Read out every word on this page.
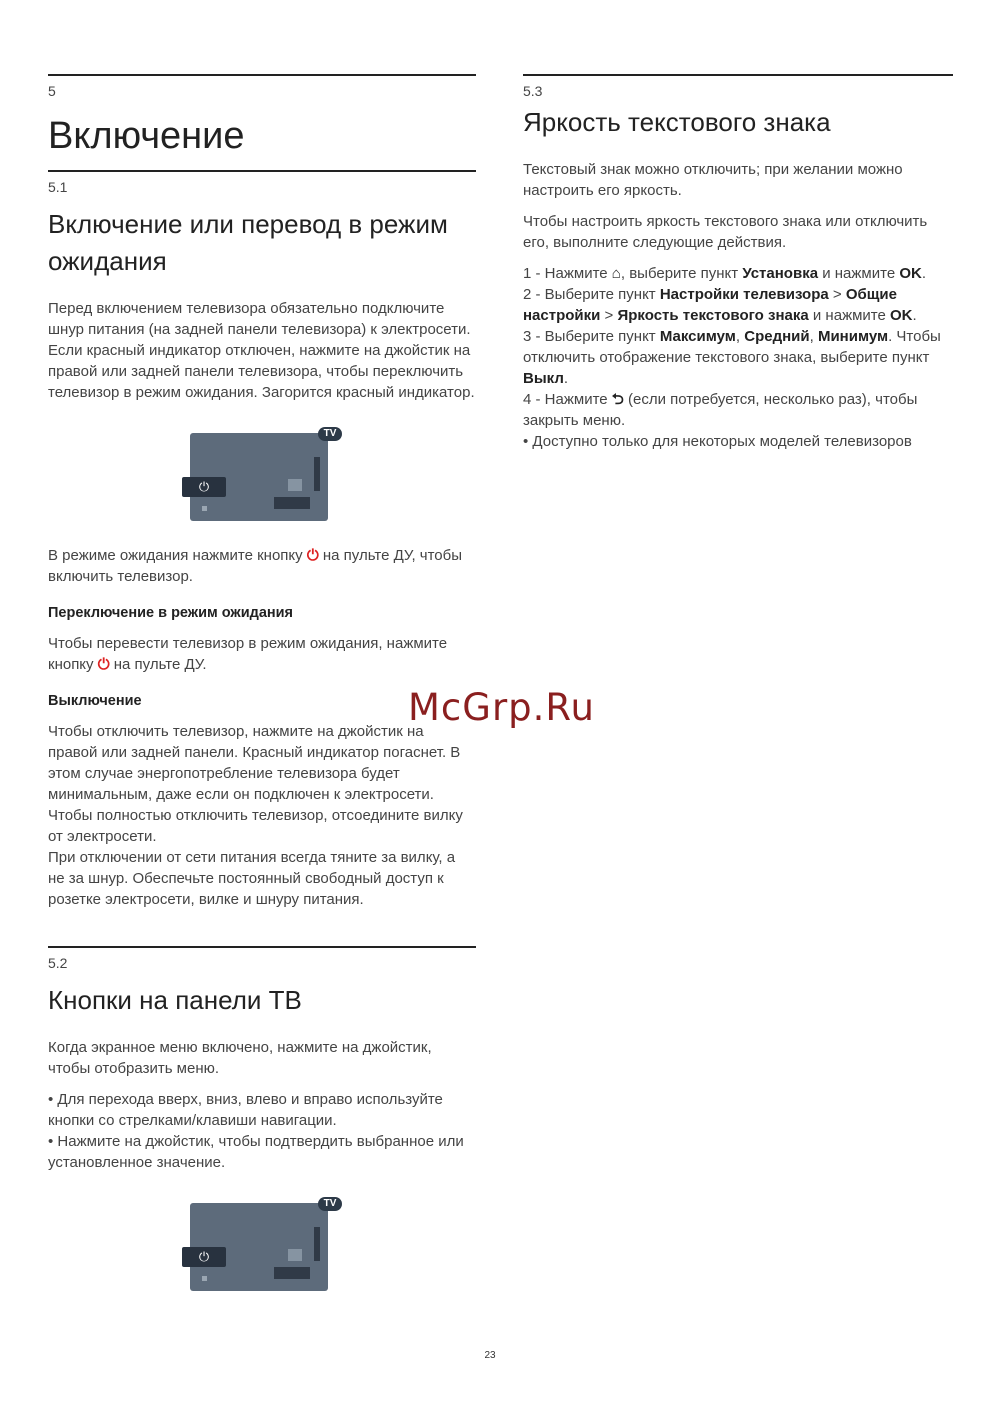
5
Включение
5.1
Включение или перевод в режим
ожидания
Перед включением телевизора обязательно подключите
шнур питания (на задней панели телевизора) к электросети.
Если красный индикатор отключен, нажмите на джойстик на
правой или задней панели телевизора, чтобы переключить
телевизор в режим ожидания. Загорится красный индикатор.
TV
⏻
В режиме ожидания нажмите кнопку ⏻ на пульте ДУ, чтобы
включить телевизор.
Переключение в режим ожидания
Чтобы перевести телевизор в режим ожидания, нажмите
кнопку ⏻ на пульте ДУ.
Выключение
Чтобы отключить телевизор, нажмите на джойстик на
правой или задней панели. Красный индикатор погаснет. В
этом случае энергопотребление телевизора будет
минимальным, даже если он подключен к электросети.
Чтобы полностью отключить телевизор, отсоедините вилку
от электросети.
При отключении от сети питания всегда тяните за вилку, а
не за шнур. Обеспечьте постоянный свободный доступ к
розетке электросети, вилке и шнуру питания.
5.2
Кнопки на панели ТВ
Когда экранное меню включено, нажмите на джойстик,
чтобы отобразить меню.
• Для перехода вверх, вниз, влево и вправо используйте
кнопки со стрелками/клавиши навигации.
• Нажмите на джойстик, чтобы подтвердить выбранное или
установленное значение.
TV
⏻
5.3
Яркость текстового знака
Текстовый знак можно отключить; при желании можно
настроить его яркость.
Чтобы настроить яркость текстового знака или отключить
его, выполните следующие действия.
1 - Нажмите ⌂, выберите пункт Установка и нажмите OK.
2 - Выберите пункт Настройки телевизора > Общие
настройки > Яркость текстового знака и нажмите OK.
3 - Выберите пункт Максимум, Средний, Минимум. Чтобы
отключить отображение текстового знака, выберите пункт
Выкл.
4 - Нажмите ⮌ (если потребуется, несколько раз), чтобы
закрыть меню.
• Доступно только для некоторых моделей телевизоров
McGrp.Ru
23
